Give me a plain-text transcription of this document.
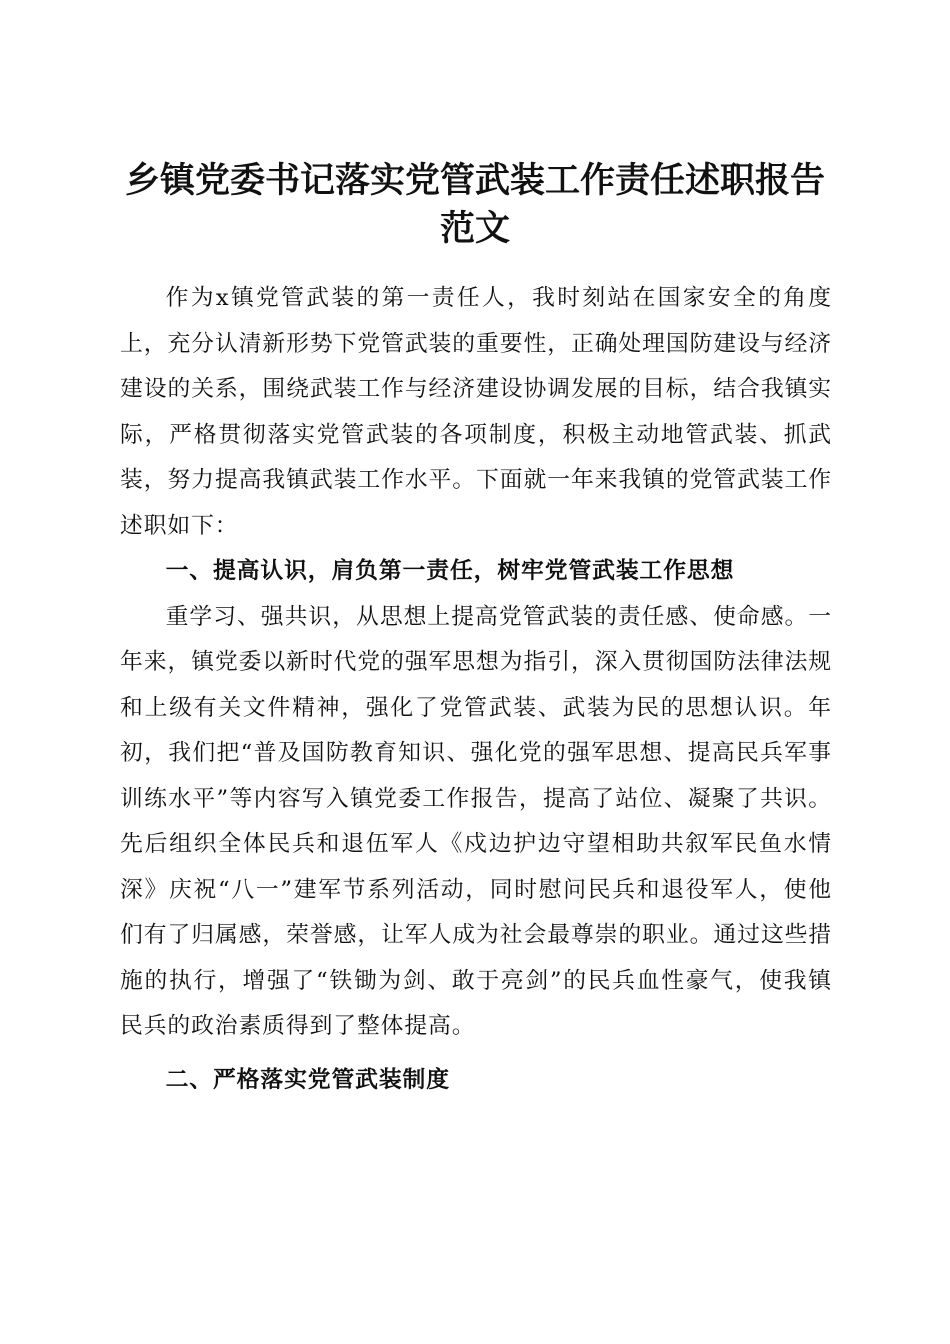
乡镇党委书记落实党管武装工作责任述职报告
范文

作为x镇党管武装的第一责任人，我时刻站在国家安全的角度上，充分认清新形势下党管武装的重要性，正确处理国防建设与经济建设的关系，围绕武装工作与经济建设协调发展的目标，结合我镇实际，严格贯彻落实党管武装的各项制度，积极主动地管武装、抓武装，努力提高我镇武装工作水平。下面就一年来我镇的党管武装工作述职如下：

一、提高认识，肩负第一责任，树牢党管武装工作思想

重学习、强共识，从思想上提高党管武装的责任感、使命感。一年来，镇党委以新时代党的强军思想为指引，深入贯彻国防法律法规和上级有关文件精神，强化了党管武装、武装为民的思想认识。年初，我们把“普及国防教育知识、强化党的强军思想、提高民兵军事训练水平”等内容写入镇党委工作报告，提高了站位、凝聚了共识。先后组织全体民兵和退伍军人《戍边护边守望相助共叙军民鱼水情深》庆祝“八一”建军节系列活动，同时慰问民兵和退役军人，使他们有了归属感，荣誉感，让军人成为社会最尊崇的职业。通过这些措施的执行，增强了“铁锄为剑、敢于亮剑”的民兵血性豪气，使我镇民兵的政治素质得到了整体提高。

二、严格落实党管武装制度
